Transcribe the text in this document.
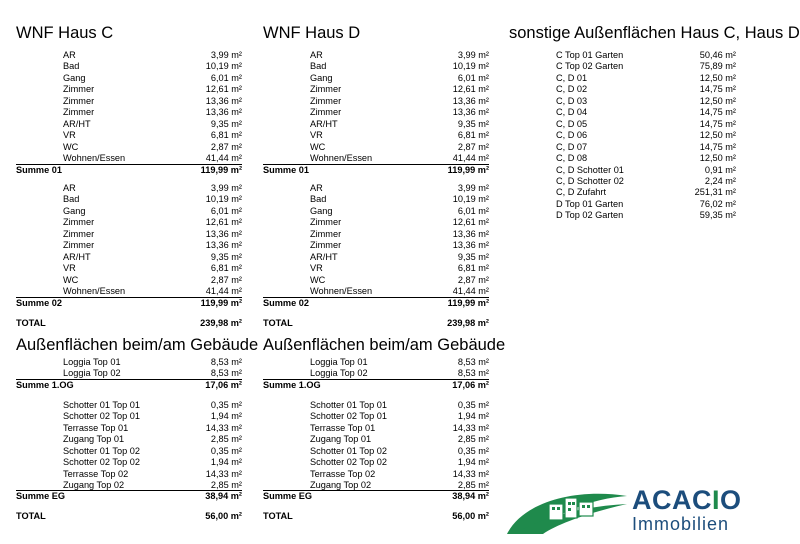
WNF Haus C
AR	3,99 m²
Bad	10,19 m²
Gang	6,01 m²
Zimmer	12,61 m²
Zimmer	13,36 m²
Zimmer	13,36 m²
AR/HT	9,35 m²
VR	6,81 m²
WC	2,87 m²
Wohnen/Essen	41,44 m²
Summe 01	119,99 m²
AR	3,99 m²
Bad	10,19 m²
Gang	6,01 m²
Zimmer	12,61 m²
Zimmer	13,36 m²
Zimmer	13,36 m²
AR/HT	9,35 m²
VR	6,81 m²
WC	2,87 m²
Wohnen/Essen	41,44 m²
Summe 02	119,99 m²
TOTAL	239,98 m²
Außenflächen beim/am Gebäude
Loggia Top 01	8,53 m²
Loggia Top 02	8,53 m²
Summe 1.OG	17,06 m²
Schotter 01 Top 01	0,35 m²
Schotter 02 Top 01	1,94 m²
Terrasse Top 01	14,33 m²
Zugang Top 01	2,85 m²
Schotter 01 Top 02	0,35 m²
Schotter 02 Top 02	1,94 m²
Terrasse Top 02	14,33 m²
Zugang Top 02	2,85 m²
Summe EG	38,94 m²
TOTAL	56,00 m²
WNF Haus D
AR	3,99 m²
Bad	10,19 m²
Gang	6,01 m²
Zimmer	12,61 m²
Zimmer	13,36 m²
Zimmer	13,36 m²
AR/HT	9,35 m²
VR	6,81 m²
WC	2,87 m²
Wohnen/Essen	41,44 m²
Summe 01	119,99 m²
AR	3,99 m²
Bad	10,19 m²
Gang	6,01 m²
Zimmer	12,61 m²
Zimmer	13,36 m²
Zimmer	13,36 m²
AR/HT	9,35 m²
VR	6,81 m²
WC	2,87 m²
Wohnen/Essen	41,44 m²
Summe 02	119,99 m²
TOTAL	239,98 m²
Außenflächen beim/am Gebäude
Loggia Top 01	8,53 m²
Loggia Top 02	8,53 m²
Summe 1.OG	17,06 m²
Schotter 01 Top 01	0,35 m²
Schotter 02 Top 01	1,94 m²
Terrasse Top 01	14,33 m²
Zugang Top 01	2,85 m²
Schotter 01 Top 02	0,35 m²
Schotter 02 Top 02	1,94 m²
Terrasse Top 02	14,33 m²
Zugang Top 02	2,85 m²
Summe EG	38,94 m²
TOTAL	56,00 m²
sonstige Außenflächen Haus C, Haus D
C Top 01 Garten	50,46 m²
C Top 02 Garten	75,89 m²
C, D 01	12,50 m²
C, D 02	14,75 m²
C, D 03	12,50 m²
C, D 04	14,75 m²
C, D 05	14,75 m²
C, D 06	12,50 m²
C, D 07	14,75 m²
C, D 08	12,50 m²
C, D Schotter 01	0,91 m²
C, D Schotter 02	2,24 m²
C, D Zufahrt	251,31 m²
D Top 01 Garten	76,02 m²
D Top 02 Garten	59,35 m²
ACACIO
Immobilien
